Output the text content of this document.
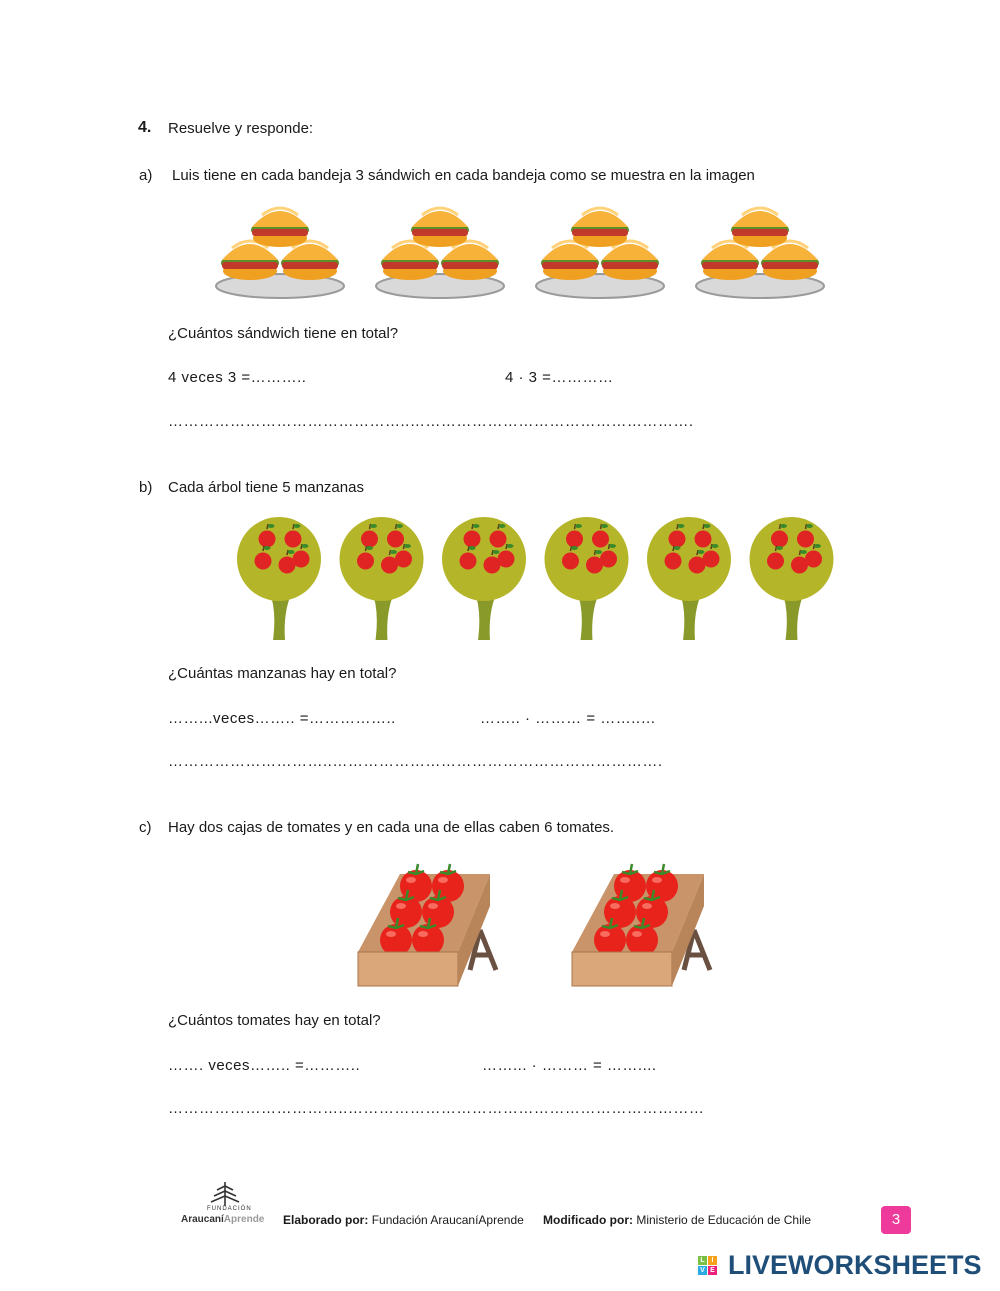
4. Resuelve y responde:
a) Luis tiene en cada bandeja 3 sándwich en cada bandeja como se muestra en la imagen
¿Cuántos sándwich tiene en total?
4 veces 3 =………..	4 · 3 =…………
………………………………………..……………………………………………….
b) Cada árbol tiene 5 manzanas
¿Cuántas manzanas hay en total?
……...veces…….. =……………..	…….. · ……… = ……..…
…………………………..……………………………………………………….
c) Hay dos cajas de tomates y en cada una de ellas caben 6 tomates.
¿Cuántos tomates hay en total?
……. veces…….. =………..	……... · ……… = ……....
……………………………..……………………………………………………………
FUNDACIÓN
AraucaníAprende Elaborado por: Fundación AraucaníAprende Modificado por: Ministerio de Educación de Chile	3
L I
V E LIVEWORKSHEETS
